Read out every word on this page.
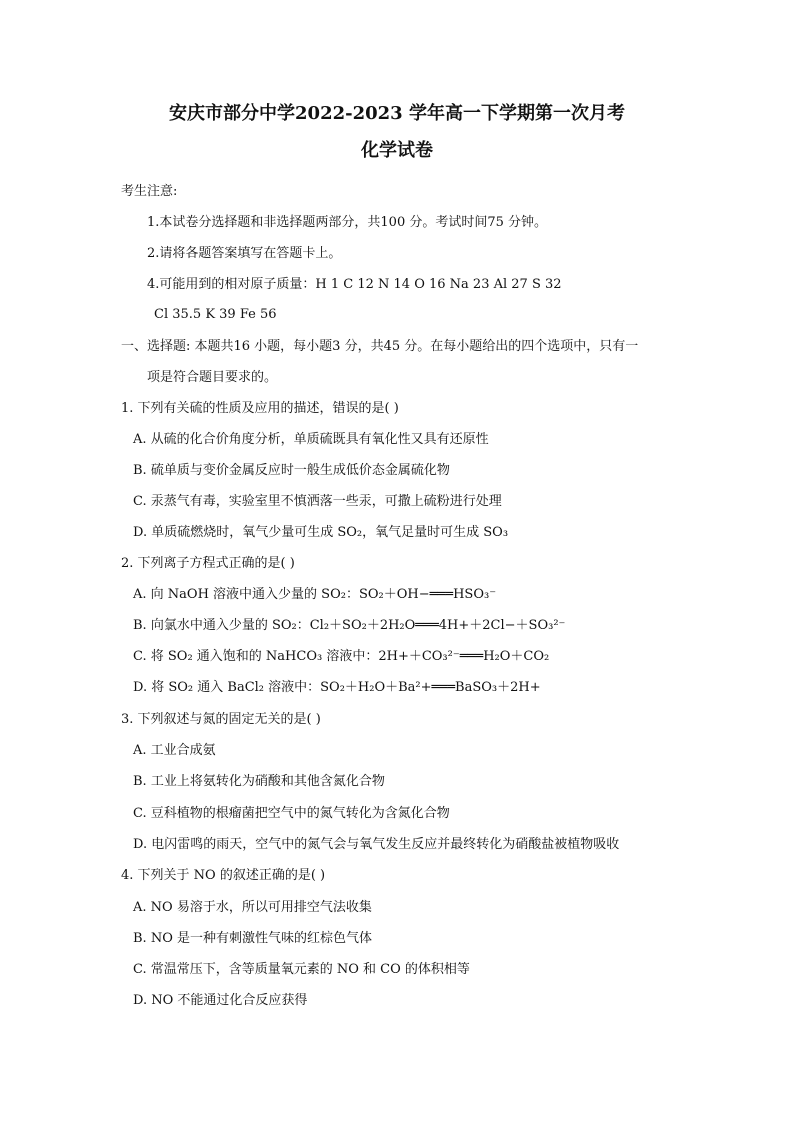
安庆市部分中学2022-2023 学年高一下学期第一次月考
化学试卷
考生注意:
1.本试卷分选择题和非选择题两部分，共100 分。考试时间75 分钟。
2.请将各题答案填写在答题卡上。
4.可能用到的相对原子质量：H 1 C 12 N 14 O 16 Na 23 Al 27 S 32
Cl 35.5 K 39 Fe 56
一、选择题: 本题共16 小题，每小题3 分，共45 分。在每小题给出的四个选项中，只有一
项是符合题目要求的。
1. 下列有关硫的性质及应用的描述，错误的是( )
A. 从硫的化合价角度分析，单质硫既具有氧化性又具有还原性
B. 硫单质与变价金属反应时一般生成低价态金属硫化物
C. 汞蒸气有毒，实验室里不慎洒落一些汞，可撒上硫粉进行处理
D. 单质硫燃烧时，氧气少量可生成 SO₂，氧气足量时可生成 SO₃
2. 下列离子方程式正确的是( )
A. 向 NaOH 溶液中通入少量的 SO₂：SO₂＋OH−═══HSO₃⁻
B. 向氯水中通入少量的 SO₂：Cl₂＋SO₂＋2H₂O═══4H+＋2Cl−＋SO₃²⁻
C. 将 SO₂ 通入饱和的 NaHCO₃ 溶液中：2H+＋CO₃²⁻═══H₂O＋CO₂
D. 将 SO₂ 通入 BaCl₂ 溶液中：SO₂＋H₂O＋Ba²+═══BaSO₃＋2H+
3. 下列叙述与氮的固定无关的是( )
A. 工业合成氨
B. 工业上将氨转化为硝酸和其他含氮化合物
C. 豆科植物的根瘤菌把空气中的氮气转化为含氮化合物
D. 电闪雷鸣的雨天，空气中的氮气会与氧气发生反应并最终转化为硝酸盐被植物吸收
4. 下列关于 NO 的叙述正确的是( )
A. NO 易溶于水，所以可用排空气法收集
B. NO 是一种有刺激性气味的红棕色气体
C. 常温常压下，含等质量氧元素的 NO 和 CO 的体积相等
D. NO 不能通过化合反应获得
